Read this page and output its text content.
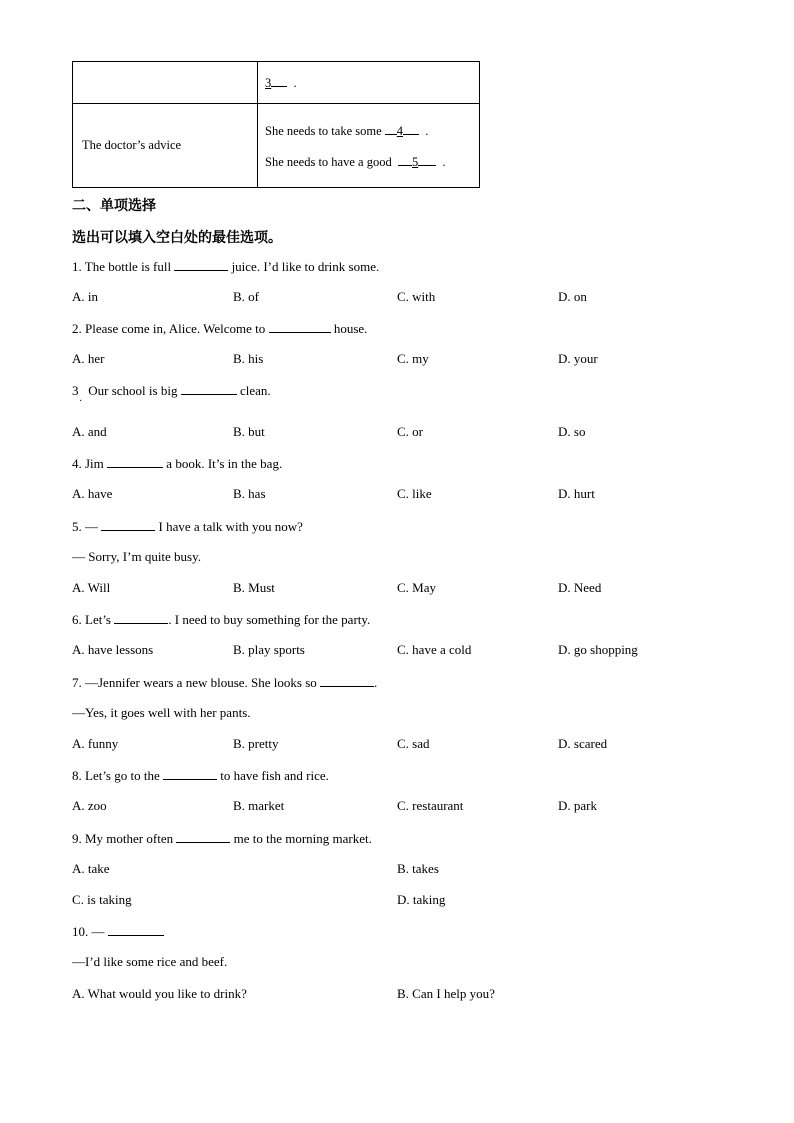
	3 .

The doctor’s advice	She needs to take some 4 .
She needs to have a good 5 .
二、单项选择
选出可以填入空白处的最佳选项。
1. The bottle is full	juice. I’d like to drink some.
A. in	B. of	C. with	D. on
2. Please come in, Alice. Welcome to	house.
A. her	B. his	C. my	D. your
3   Our school is big	clean.
·
A. and	B. but	C. or	D. so
4. Jim	a book. It’s in the bag.
A. have	B. has	C. like	D. hurt
5. —	I have a talk with you now?
— Sorry, I’m quite busy.
A. Will	B. Must	C. May	D. Need
6. Let’s	. I need to buy something for the party.
A. have lessons	B. play sports	C. have a cold	D. go shopping
7. —Jennifer wears a new blouse. She looks so	.
—Yes, it goes well with her pants.
A. funny	B. pretty	C. sad	D. scared
8. Let’s go to the	to have fish and rice.
A. zoo	B. market	C. restaurant	D. park
9. My mother often	me to the morning market.
A. take	B. takes
C. is taking	D. taking
10. —
—I’d like some rice and beef.
A. What would you like to drink?	B. Can I help you?
